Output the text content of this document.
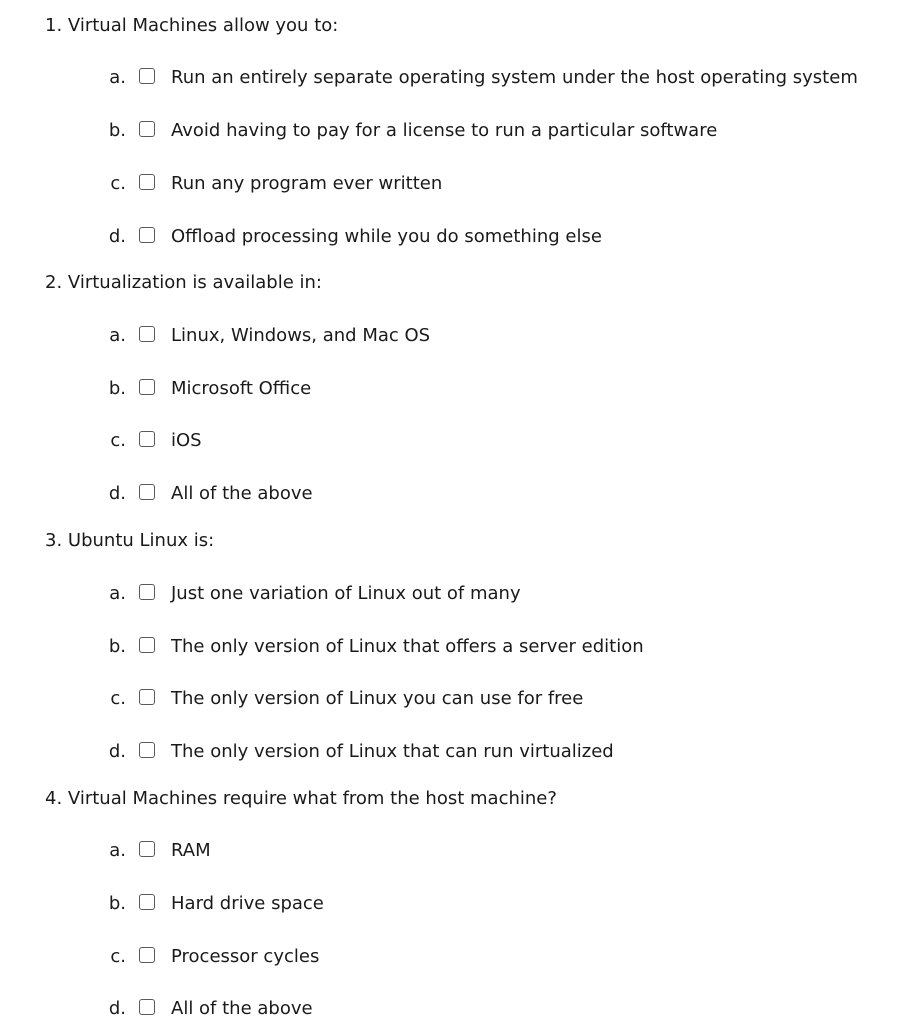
1. Virtual Machines allow you to:
a.	Run an entirely separate operating system under the host operating system
b.	Avoid having to pay for a license to run a particular software
c.	Run any program ever written
d.	Offload processing while you do something else
2. Virtualization is available in:
a.	Linux, Windows, and Mac OS
b.	Microsoft Office
c.	iOS
d.	All of the above
3. Ubuntu Linux is:
a.	Just one variation of Linux out of many
b.	The only version of Linux that offers a server edition
c.	The only version of Linux you can use for free
d.	The only version of Linux that can run virtualized
4. Virtual Machines require what from the host machine?
a.	RAM
b.	Hard drive space
c.	Processor cycles
d.	All of the above
